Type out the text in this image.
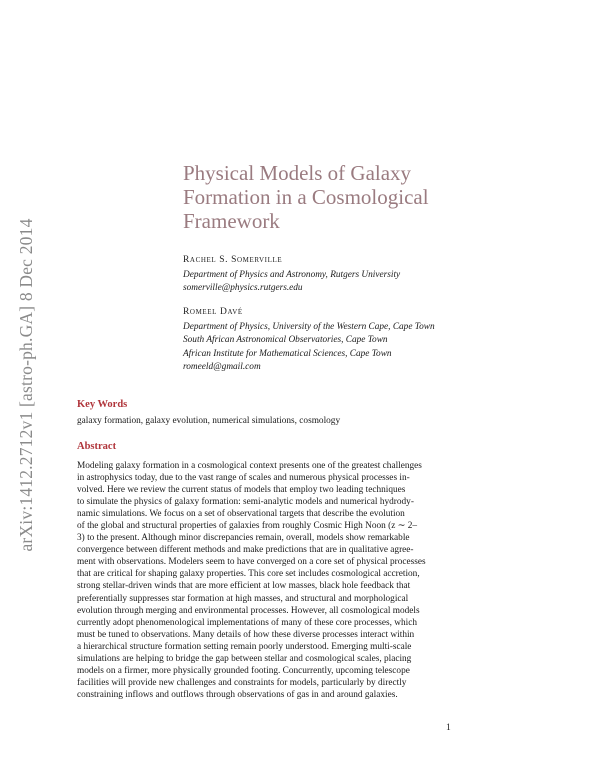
arXiv:1412.2712v1 [astro-ph.GA] 8 Dec 2014
Physical Models of Galaxy
Formation in a Cosmological
Framework
Rachel S. Somerville
Department of Physics and Astronomy, Rutgers University
somerville@physics.rutgers.edu
Romeel Davé
Department of Physics, University of the Western Cape, Cape Town
South African Astronomical Observatories, Cape Town
African Institute for Mathematical Sciences, Cape Town
romeeld@gmail.com
Key Words
galaxy formation, galaxy evolution, numerical simulations, cosmology
Abstract
Modeling galaxy formation in a cosmological context presents one of the greatest challenges
in astrophysics today, due to the vast range of scales and numerous physical processes in-
volved. Here we review the current status of models that employ two leading techniques
to simulate the physics of galaxy formation: semi-analytic models and numerical hydrody-
namic simulations. We focus on a set of observational targets that describe the evolution
of the global and structural properties of galaxies from roughly Cosmic High Noon (z ∼ 2–
3) to the present. Although minor discrepancies remain, overall, models show remarkable
convergence between different methods and make predictions that are in qualitative agree-
ment with observations. Modelers seem to have converged on a core set of physical processes
that are critical for shaping galaxy properties. This core set includes cosmological accretion,
strong stellar-driven winds that are more efficient at low masses, black hole feedback that
preferentially suppresses star formation at high masses, and structural and morphological
evolution through merging and environmental processes. However, all cosmological models
currently adopt phenomenological implementations of many of these core processes, which
must be tuned to observations. Many details of how these diverse processes interact within
a hierarchical structure formation setting remain poorly understood. Emerging multi-scale
simulations are helping to bridge the gap between stellar and cosmological scales, placing
models on a firmer, more physically grounded footing. Concurrently, upcoming telescope
facilities will provide new challenges and constraints for models, particularly by directly
constraining inflows and outflows through observations of gas in and around galaxies.
1
